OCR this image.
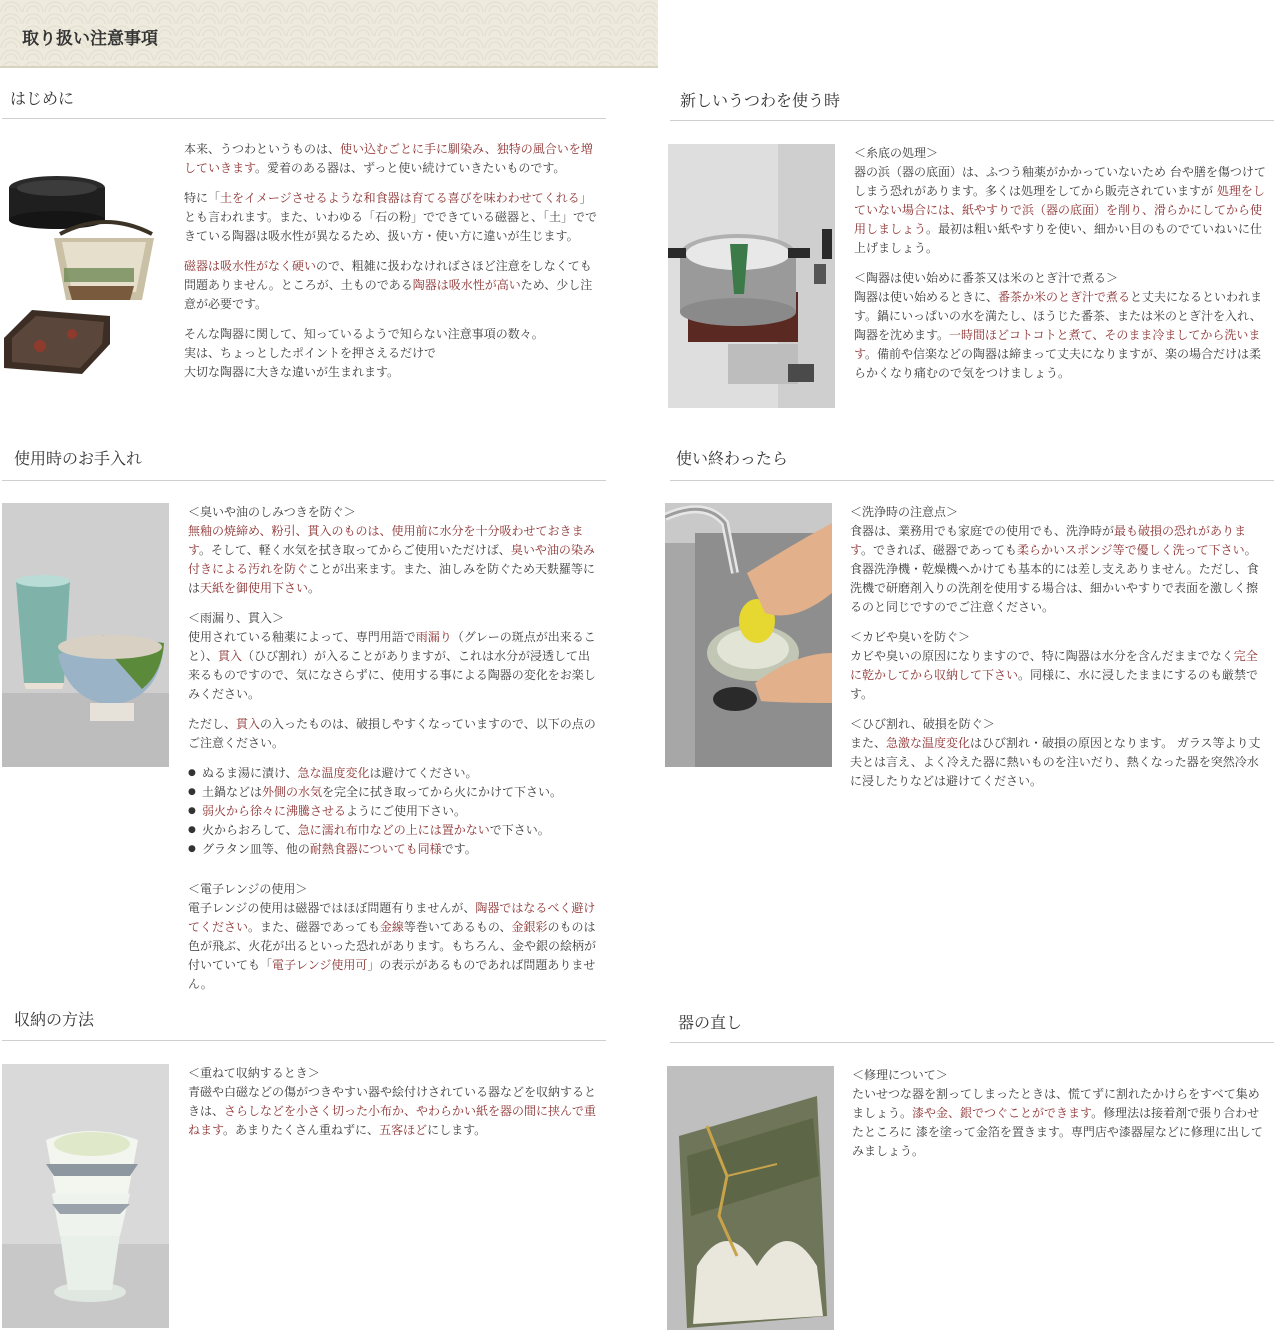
取り扱い注意事項
はじめに

本来、うつわというものは、使い込むごとに手に馴染み、独特の風合いを増していきます。愛着のある器は、ずっと使い続けていきたいものです。

特に「土をイメージさせるような和食器は育てる喜びを味わわせてくれる」とも言われます。また、いわゆる「石の粉」でできている磁器と、「土」でできている陶器は吸水性が異なるため、扱い方・使い方に違いが生じます。

磁器は吸水性がなく硬いので、粗雑に扱わなければさほど注意をしなくても問題ありません。ところが、土ものである陶器は吸水性が高いため、少し注意が必要です。

そんな陶器に関して、知っているようで知らない注意事項の数々。
実は、ちょっとしたポイントを押さえるだけで
大切な陶器に大きな違いが生まれます。

新しいうつわを使う時

＜糸底の処理＞
器の浜（器の底面）は、ふつう釉薬がかかっていないため 台や膳を傷つけてしまう恐れがあります。多くは処理をしてから販売されていますが 処理をしていない場合には、紙やすりで浜（器の底面）を削り、滑らかにしてから使用しましょう。最初は粗い紙やすりを使い、細かい目のものでていねいに仕上げましょう。

＜陶器は使い始めに番茶又は米のとぎ汁で煮る＞
陶器は使い始めるときに、番茶か米のとぎ汁で煮ると丈夫になるといわれます。鍋にいっぱいの水を満たし、ほうじた番茶、または米のとぎ汁を入れ、陶器を沈めます。一時間ほどコトコトと煮て、そのまま冷ましてから洗います。備前や信楽などの陶器は締まって丈夫になりますが、楽の場合だけは柔らかくなり痛むので気をつけましょう。

使用時のお手入れ

＜臭いや油のしみつきを防ぐ＞
無釉の焼締め、粉引、貫入のものは、使用前に水分を十分吸わせておきます。そして、軽く水気を拭き取ってからご使用いただけば、臭いや油の染み付きによる汚れを防ぐことが出来ます。また、油しみを防ぐため天麩羅等には天紙を御使用下さい。

＜雨漏り、貫入＞
使用されている釉薬によって、専門用語で雨漏り（グレーの斑点が出来ること）、貫入（ひび割れ）が入ることがありますが、これは水分が浸透して出来るものですので、気になさらずに、使用する事による陶器の変化をお楽しみください。

ただし、貫入の入ったものは、破損しやすくなっていますので、以下の点のご注意ください。

● ぬるま湯に漬け、急な温度変化は避けてください。
● 土鍋などは外側の水気を完全に拭き取ってから火にかけて下さい。
● 弱火から徐々に沸騰させるようにご使用下さい。
● 火からおろして、急に濡れ布巾などの上には置かないで下さい。
● グラタン皿等、他の耐熱食器についても同様です。

＜電子レンジの使用＞
電子レンジの使用は磁器ではほぼ問題有りませんが、陶器ではなるべく避けてください。また、磁器であっても金線等巻いてあるもの、金銀彩のものは色が飛ぶ、火花が出るといった恐れがあります。もちろん、金や銀の絵柄が付いていても「電子レンジ使用可」の表示があるものであれば問題ありません。

使い終わったら

＜洗浄時の注意点＞
食器は、業務用でも家庭での使用でも、洗浄時が最も破損の恐れがあります。できれば、磁器であっても柔らかいスポンジ等で優しく洗って下さい。食器洗浄機・乾燥機へかけても基本的には差し支えありません。ただし、食洗機で研磨剤入りの洗剤を使用する場合は、細かいやすりで表面を激しく擦るのと同じですのでご注意ください。

＜カビや臭いを防ぐ＞
カビや臭いの原因になりますので、特に陶器は水分を含んだままでなく完全に乾かしてから収納して下さい。同様に、水に浸したままにするのも厳禁です。

＜ひび割れ、破損を防ぐ＞
また、急激な温度変化はひび割れ・破損の原因となります。 ガラス等より丈夫とは言え、よく冷えた器に熱いものを注いだり、熱くなった器を突然冷水に浸したりなどは避けてください。

収納の方法

＜重ねて収納するとき＞
青磁や白磁などの傷がつきやすい器や絵付けされている器などを収納するときは、さらしなどを小さく切った小布か、やわらかい紙を器の間に挟んで重ねます。あまりたくさん重ねずに、五客ほどにします。

器の直し

＜修理について＞
たいせつな器を割ってしまったときは、慌てずに割れたかけらをすべて集めましょう。漆や金、銀でつぐことができます。修理法は接着剤で張り合わせたところに 漆を塗って金箔を置きます。専門店や漆器屋などに修理に出してみましょう。
